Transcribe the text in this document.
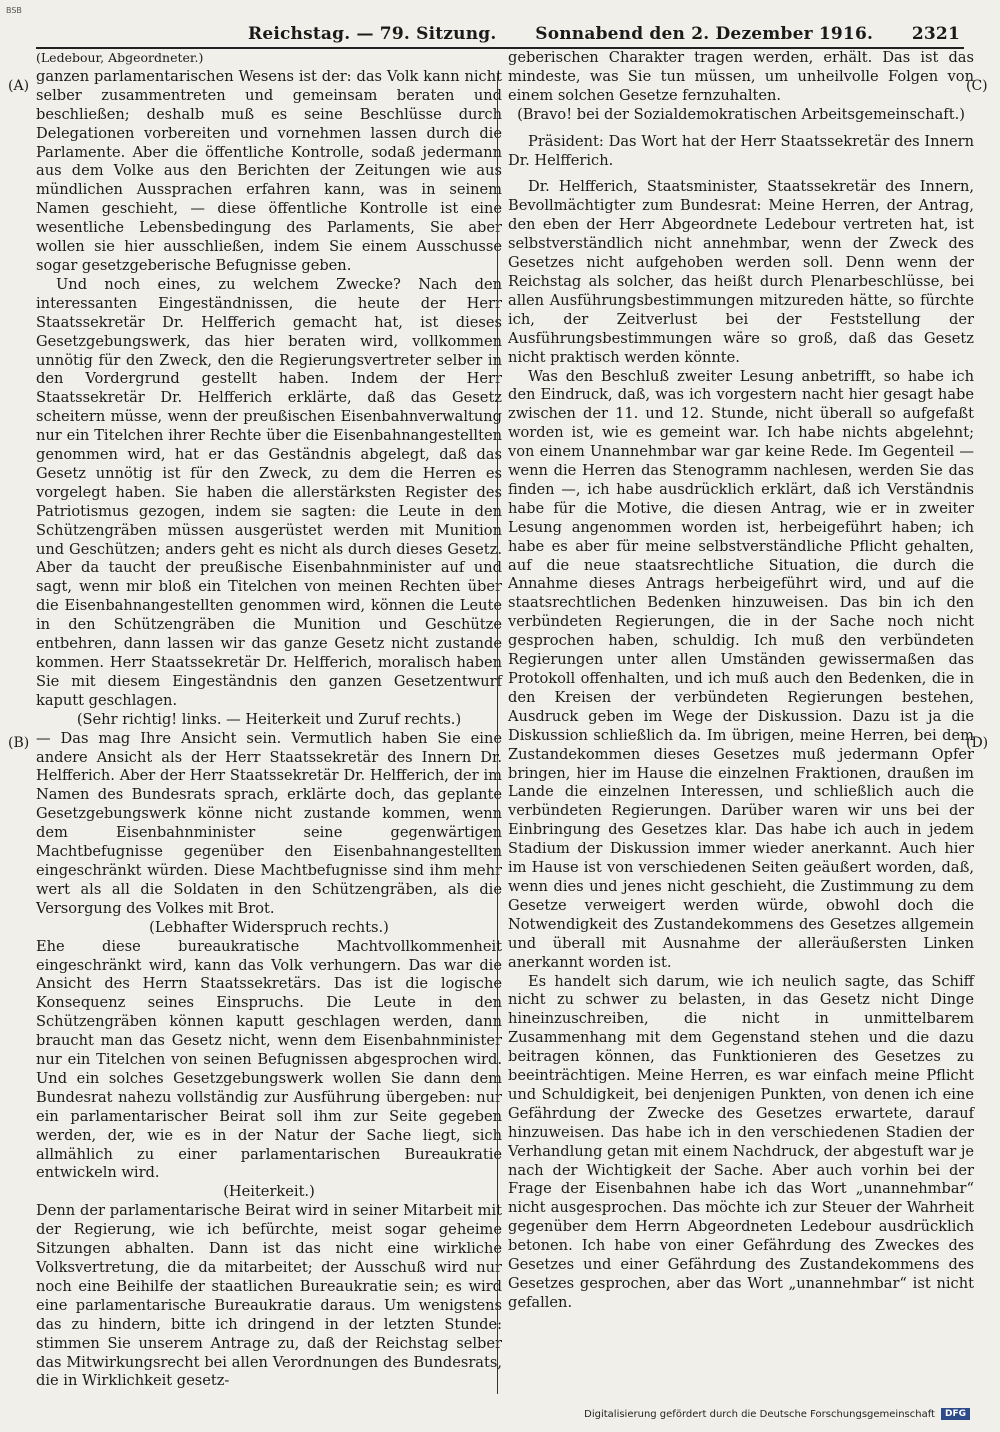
BSB
Reichstag. — 79. Sitzung. Sonnabend den 2. Dezember 1916. 2321
(A)
(B)
(C)
(D)

(Ledebour, Abgeordneter.)

ganzen parlamentarischen Wesens ist der: das Volk kann nicht selber zusammentreten und gemeinsam beraten und beschließen; deshalb muß es seine Beschlüsse durch Delegationen vorbereiten und vornehmen lassen durch die Parlamente. Aber die öffentliche Kontrolle, sodaß jedermann aus dem Volke aus den Berichten der Zeitungen wie aus mündlichen Aussprachen erfahren kann, was in seinem Namen geschieht, — diese öffentliche Kontrolle ist eine wesentliche Lebensbedingung des Parlaments, Sie aber wollen sie hier ausschließen, indem Sie einem Ausschusse sogar gesetzgeberische Befugnisse geben.

Und noch eines, zu welchem Zwecke? Nach den interessanten Eingeständnissen, die heute der Herr Staatssekretär Dr. Helfferich gemacht hat, ist dieses Gesetzgebungswerk, das hier beraten wird, vollkommen unnötig für den Zweck, den die Regierungsvertreter selber in den Vordergrund gestellt haben. Indem der Herr Staatssekretär Dr. Helfferich erklärte, daß das Gesetz scheitern müsse, wenn der preußischen Eisenbahnverwaltung nur ein Titelchen ihrer Rechte über die Eisenbahnangestellten genommen wird, hat er das Geständnis abgelegt, daß das Gesetz unnötig ist für den Zweck, zu dem die Herren es vorgelegt haben. Sie haben die allerstärksten Register des Patriotismus gezogen, indem sie sagten: die Leute in den Schützengräben müssen ausgerüstet werden mit Munition und Geschützen; anders geht es nicht als durch dieses Gesetz. Aber da taucht der preußische Eisenbahnminister auf und sagt, wenn mir bloß ein Titelchen von meinen Rechten über die Eisenbahnangestellten genommen wird, können die Leute in den Schützengräben die Munition und Geschütze entbehren, dann lassen wir das ganze Gesetz nicht zustande kommen. Herr Staatssekretär Dr. Helfferich, moralisch haben Sie mit diesem Eingeständnis den ganzen Gesetzentwurf kaputt geschlagen.

(Sehr richtig! links. — Heiterkeit und Zuruf rechts.)

— Das mag Ihre Ansicht sein. Vermutlich haben Sie eine andere Ansicht als der Herr Staatssekretär des Innern Dr. Helfferich. Aber der Herr Staatssekretär Dr. Helfferich, der im Namen des Bundesrats sprach, erklärte doch, das geplante Gesetzgebungswerk könne nicht zustande kommen, wenn dem Eisenbahnminister seine gegenwärtigen Machtbefugnisse gegenüber den Eisenbahnangestellten eingeschränkt würden. Diese Machtbefugnisse sind ihm mehr wert als all die Soldaten in den Schützengräben, als die Versorgung des Volkes mit Brot.

(Lebhafter Widerspruch rechts.)

Ehe diese bureaukratische Machtvollkommenheit eingeschränkt wird, kann das Volk verhungern. Das war die Ansicht des Herrn Staatssekretärs. Das ist die logische Konsequenz seines Einspruchs. Die Leute in den Schützengräben können kaputt geschlagen werden, dann braucht man das Gesetz nicht, wenn dem Eisenbahnminister nur ein Titelchen von seinen Befugnissen abgesprochen wird. Und ein solches Gesetzgebungswerk wollen Sie dann dem Bundesrat nahezu vollständig zur Ausführung übergeben: nur ein parlamentarischer Beirat soll ihm zur Seite gegeben werden, der, wie es in der Natur der Sache liegt, sich allmählich zu einer parlamentarischen Bureaukratie entwickeln wird.

(Heiterkeit.)

Denn der parlamentarische Beirat wird in seiner Mitarbeit mit der Regierung, wie ich befürchte, meist sogar geheime Sitzungen abhalten. Dann ist das nicht eine wirkliche Volksvertretung, die da mitarbeitet; der Ausschuß wird nur noch eine Beihilfe der staatlichen Bureaukratie sein; es wird eine parlamentarische Bureaukratie daraus. Um wenigstens das zu hindern, bitte ich dringend in der letzten Stunde: stimmen Sie unserem Antrage zu, daß der Reichstag selber das Mitwirkungsrecht bei allen Verordnungen des Bundesrats, die in Wirklichkeit gesetz-

geberischen Charakter tragen werden, erhält. Das ist das mindeste, was Sie tun müssen, um unheilvolle Folgen von einem solchen Gesetze fernzuhalten.

(Bravo! bei der Sozialdemokratischen Arbeitsgemeinschaft.)

Präsident: Das Wort hat der Herr Staatssekretär des Innern Dr. Helfferich.

Dr. Helfferich, Staatsminister, Staatssekretär des Innern, Bevollmächtigter zum Bundesrat: Meine Herren, der Antrag, den eben der Herr Abgeordnete Ledebour vertreten hat, ist selbstverständlich nicht annehmbar, wenn der Zweck des Gesetzes nicht aufgehoben werden soll. Denn wenn der Reichstag als solcher, das heißt durch Plenarbeschlüsse, bei allen Ausführungsbestimmungen mitzureden hätte, so fürchte ich, der Zeitverlust bei der Feststellung der Ausführungsbestimmungen wäre so groß, daß das Gesetz nicht praktisch werden könnte.

Was den Beschluß zweiter Lesung anbetrifft, so habe ich den Eindruck, daß, was ich vorgestern nacht hier gesagt habe zwischen der 11. und 12. Stunde, nicht überall so aufgefaßt worden ist, wie es gemeint war. Ich habe nichts abgelehnt; von einem Unannehmbar war gar keine Rede. Im Gegenteil — wenn die Herren das Stenogramm nachlesen, werden Sie das finden —, ich habe ausdrücklich erklärt, daß ich Verständnis habe für die Motive, die diesen Antrag, wie er in zweiter Lesung angenommen worden ist, herbeigeführt haben; ich habe es aber für meine selbstverständliche Pflicht gehalten, auf die neue staatsrechtliche Situation, die durch die Annahme dieses Antrags herbeigeführt wird, und auf die staatsrechtlichen Bedenken hinzuweisen. Das bin ich den verbündeten Regierungen, die in der Sache noch nicht gesprochen haben, schuldig. Ich muß den verbündeten Regierungen unter allen Umständen gewissermaßen das Protokoll offenhalten, und ich muß auch den Bedenken, die in den Kreisen der verbündeten Regierungen bestehen, Ausdruck geben im Wege der Diskussion. Dazu ist ja die Diskussion schließlich da. Im übrigen, meine Herren, bei dem Zustandekommen dieses Gesetzes muß jedermann Opfer bringen, hier im Hause die einzelnen Fraktionen, draußen im Lande die einzelnen Interessen, und schließlich auch die verbündeten Regierungen. Darüber waren wir uns bei der Einbringung des Gesetzes klar. Das habe ich auch in jedem Stadium der Diskussion immer wieder anerkannt. Auch hier im Hause ist von verschiedenen Seiten geäußert worden, daß, wenn dies und jenes nicht geschieht, die Zustimmung zu dem Gesetze verweigert werden würde, obwohl doch die Notwendigkeit des Zustandekommens des Gesetzes allgemein und überall mit Ausnahme der alleräußersten Linken anerkannt worden ist.

Es handelt sich darum, wie ich neulich sagte, das Schiff nicht zu schwer zu belasten, in das Gesetz nicht Dinge hineinzuschreiben, die nicht in unmittelbarem Zusammenhang mit dem Gegenstand stehen und die dazu beitragen können, das Funktionieren des Gesetzes zu beeinträchtigen. Meine Herren, es war einfach meine Pflicht und Schuldigkeit, bei denjenigen Punkten, von denen ich eine Gefährdung der Zwecke des Gesetzes erwartete, darauf hinzuweisen. Das habe ich in den verschiedenen Stadien der Verhandlung getan mit einem Nachdruck, der abgestuft war je nach der Wichtigkeit der Sache. Aber auch vorhin bei der Frage der Eisenbahnen habe ich das Wort „unannehmbar“ nicht ausgesprochen. Das möchte ich zur Steuer der Wahrheit gegenüber dem Herrn Abgeordneten Ledebour ausdrücklich betonen. Ich habe von einer Gefährdung des Zweckes des Gesetzes und einer Gefährdung des Zustandekommens des Gesetzes gesprochen, aber das Wort „unannehmbar“ ist nicht gefallen.

Digitalisierung gefördert durch die Deutsche Forschungsgemeinschaft	DFG
